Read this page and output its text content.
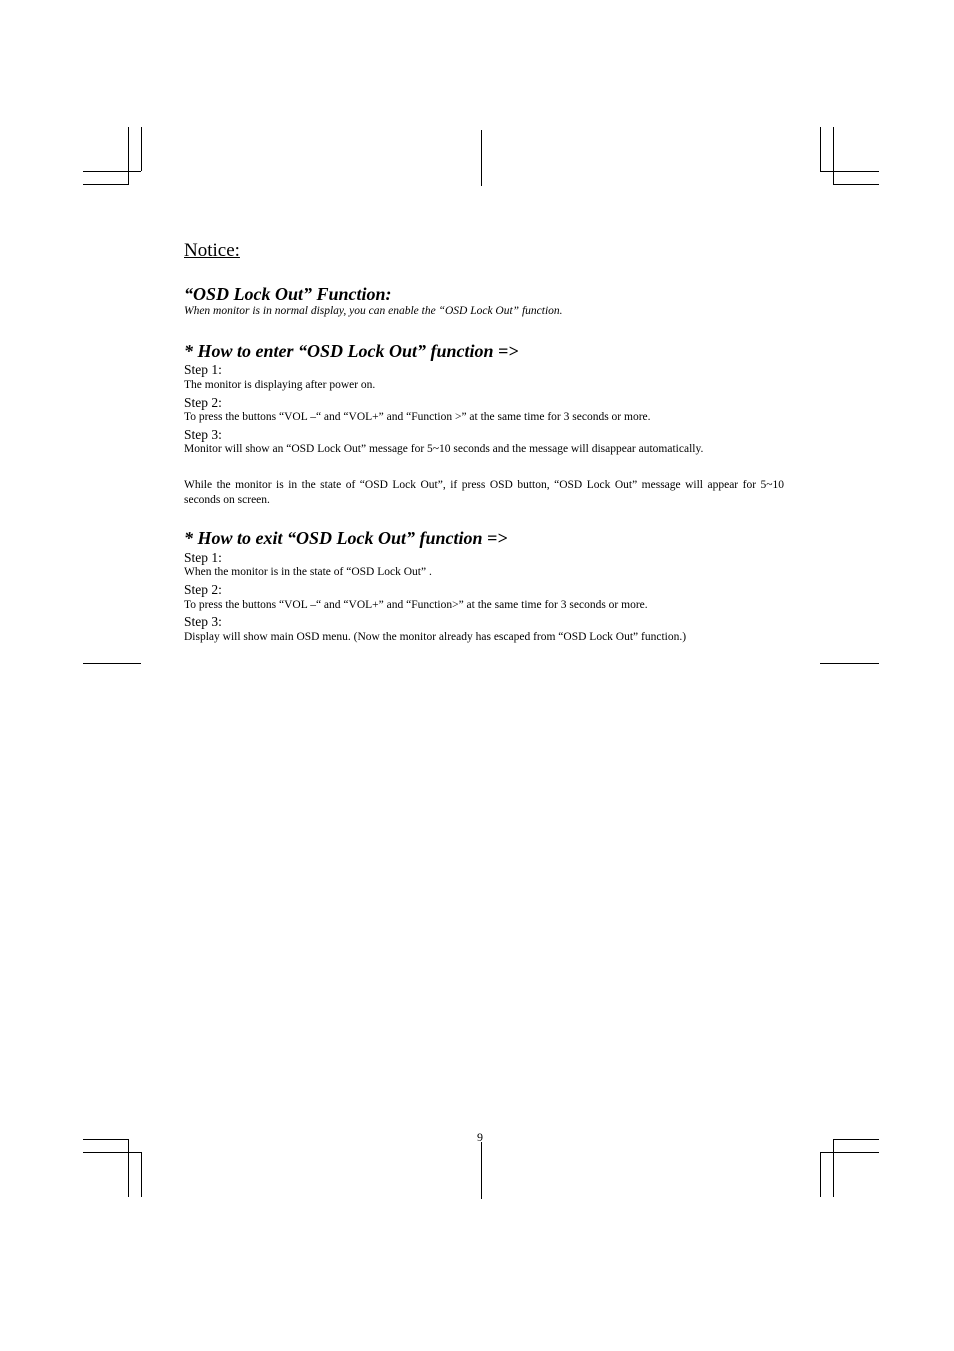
Notice:
“OSD Lock Out” Function:
When monitor is in normal display, you can enable the “OSD Lock Out” function.
* How to enter “OSD Lock Out” function =>
Step 1:
The monitor is displaying after power on.
Step 2:
To press the buttons “VOL –“ and “VOL+” and “Function >” at the same time for 3 seconds or more.
Step 3:
Monitor will show an “OSD Lock Out” message for 5~10 seconds and the message will disappear automatically.
While the monitor is in the state of “OSD Lock Out”, if press OSD button, “OSD Lock Out” message will appear for 5~10 seconds on screen.
* How to exit “OSD Lock Out” function =>
Step 1:
When the monitor is in the state of “OSD Lock Out” .
Step 2:
To press the buttons “VOL –“ and “VOL+” and “Function>” at the same time for 3 seconds or more.
Step 3:
Display will show main OSD menu. (Now the monitor already has escaped from “OSD Lock Out” function.)
9
